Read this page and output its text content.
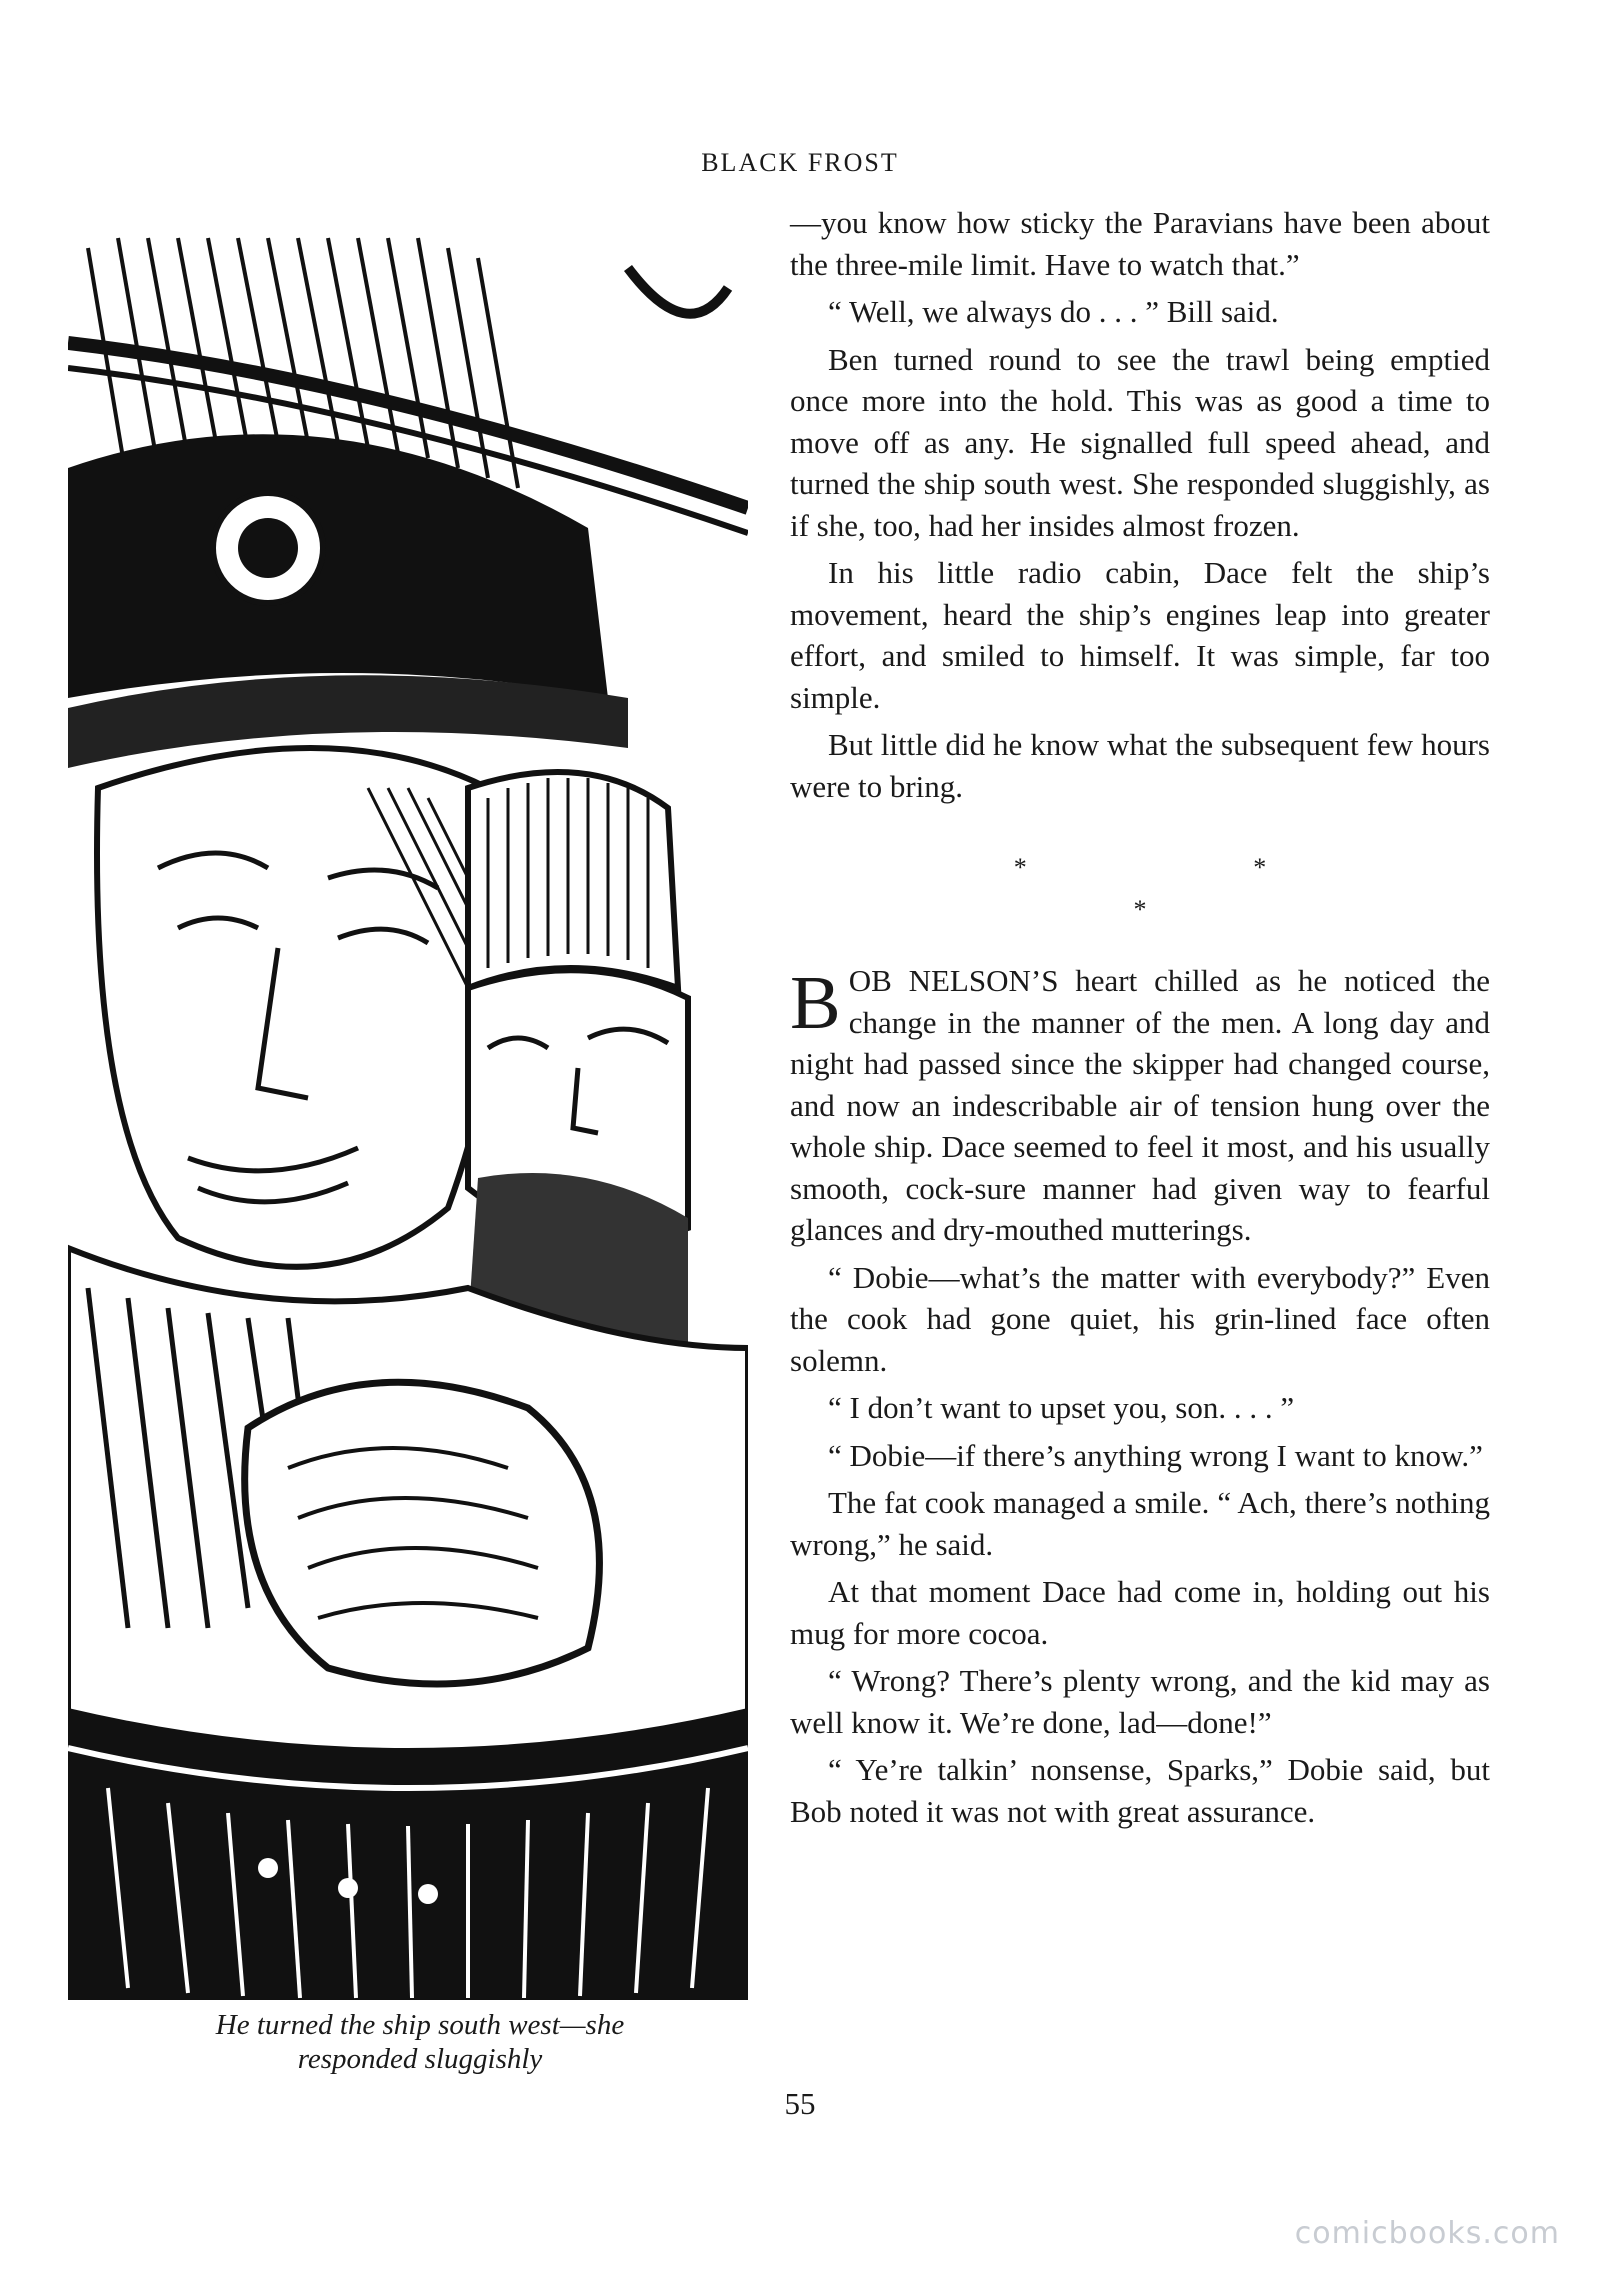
BLACK FROST
He turned the ship south west—she
responded sluggishly

—you know how sticky the Paravians have been about the three-mile limit. Have to watch that.”

“ Well, we always do . . . ” Bill said.

Ben turned round to see the trawl being emptied once more into the hold. This was as good a time to move off as any. He signalled full speed ahead, and turned the ship south west. She responded sluggishly, as if she, too, had her insides almost frozen.

In his little radio cabin, Dace felt the ship’s movement, heard the ship’s engines leap into greater effort, and smiled to himself. It was simple, far too simple.

But little did he know what the subsequent few hours were to bring.

* * *

B OB NELSON’S heart chilled as he noticed the change in the manner of the men. A long day and night had passed since the skipper had changed course, and now an indescribable air of tension hung over the whole ship. Dace seemed to feel it most, and his usually smooth, cock-sure manner had given way to fearful glances and dry-mouthed mutterings.

“ Dobie—what’s the matter with everybody?” Even the cook had gone quiet, his grin-lined face often solemn.

“ I don’t want to upset you, son. . . . ”

“ Dobie—if there’s anything wrong I want to know.”

The fat cook managed a smile. “ Ach, there’s nothing wrong,” he said.

At that moment Dace had come in, holding out his mug for more cocoa.

“ Wrong? There’s plenty wrong, and the kid may as well know it. We’re done, lad—done!”

“ Ye’re talkin’ nonsense, Sparks,” Dobie said, but Bob noted it was not with great assurance.

55
comicbooks.com
